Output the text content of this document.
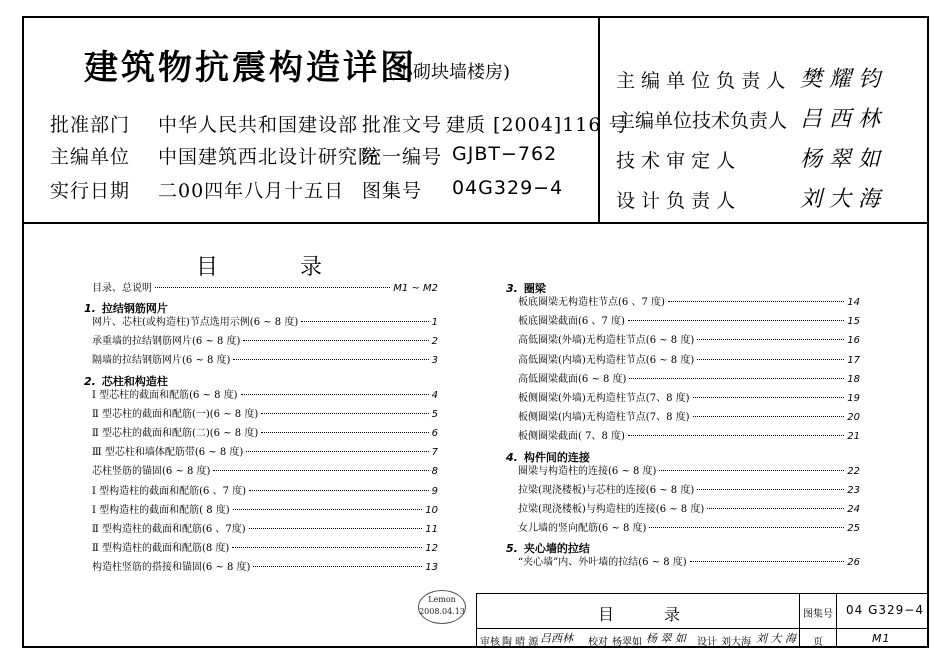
建筑物抗震构造详图
(小砌块墙楼房)
批准部门 中华人民共和国建设部 批准文号 建质 [2004]116 号
主编单位 中国建筑西北设计研究院
统一编号 GJBT−762
实行日期 二00四年八月十五日 图集号 04G329−4
主 编 单 位 负 责 人 樊 耀 钧
主编单位技术负责人 吕 西 林
技 术 审 定 人	杨 翠 如
设 计 负 责 人	刘 大 海
目	录
目录、总说明	M1 ~ M2
1. 拉结钢筋网片
网片、芯柱(或构造柱)节点选用示例(6 ~ 8 度)	1
承重墙的拉结钢筋网片(6 ~ 8 度)	2
隔墙的拉结钢筋网片(6 ~ 8 度)	3
2. 芯柱和构造柱
Ⅰ 型芯柱的截面和配筋(6 ~ 8 度)	4
Ⅱ 型芯柱的截面和配筋(一)(6 ~ 8 度)	5
Ⅱ 型芯柱的截面和配筋(二)(6 ~ 8 度)	6
Ⅲ 型芯柱和墙体配筋带(6 ~ 8 度)	7
芯柱竖筋的锚固(6 ~ 8 度)	8
Ⅰ 型构造柱的截面和配筋(6 、7 度)	9
Ⅰ 型构造柱的截面和配筋( 8 度)	10
Ⅱ 型构造柱的截面和配筋(6 、7度)	11
Ⅱ 型构造柱的截面和配筋(8 度)	12
构造柱竖筋的搭接和锚固(6 ~ 8 度)	13
3. 圈梁
板底圈梁无构造柱节点(6 、7 度)	14
板底圈梁截面(6 、7 度)	15
高低圈梁(外墙)无构造柱节点(6 ~ 8 度)	16
高低圈梁(内墙)无构造柱节点(6 ~ 8 度)	17
高低圈梁截面(6 ~ 8 度)	18
板侧圈梁(外墙)无构造柱节点(7、8 度)	19
板侧圈梁(内墙)无构造柱节点(7、8 度)	20
板侧圈梁截面( 7、8 度)	21
4. 构件间的连接
圈梁与构造柱的连接(6 ~ 8 度)	22
拉梁(现浇楼板)与芯柱的连接(6 ~ 8 度)	23
拉梁(现浇楼板)与构造柱的连接(6 ~ 8 度)	24
女儿墙的竖向配筋(6 ~ 8 度)	25
5. 夹心墙的拉结
“夹心墙”内、外叶墙的拉结(6 ~ 8 度)	26
Lemon
2008.04.13	目	录	图集号 04 G329−4
审核 陶 晴 源 吕西林 校对 杨翠如 杨 翠 如 设计 刘大海 刘 大 海 页	M1
